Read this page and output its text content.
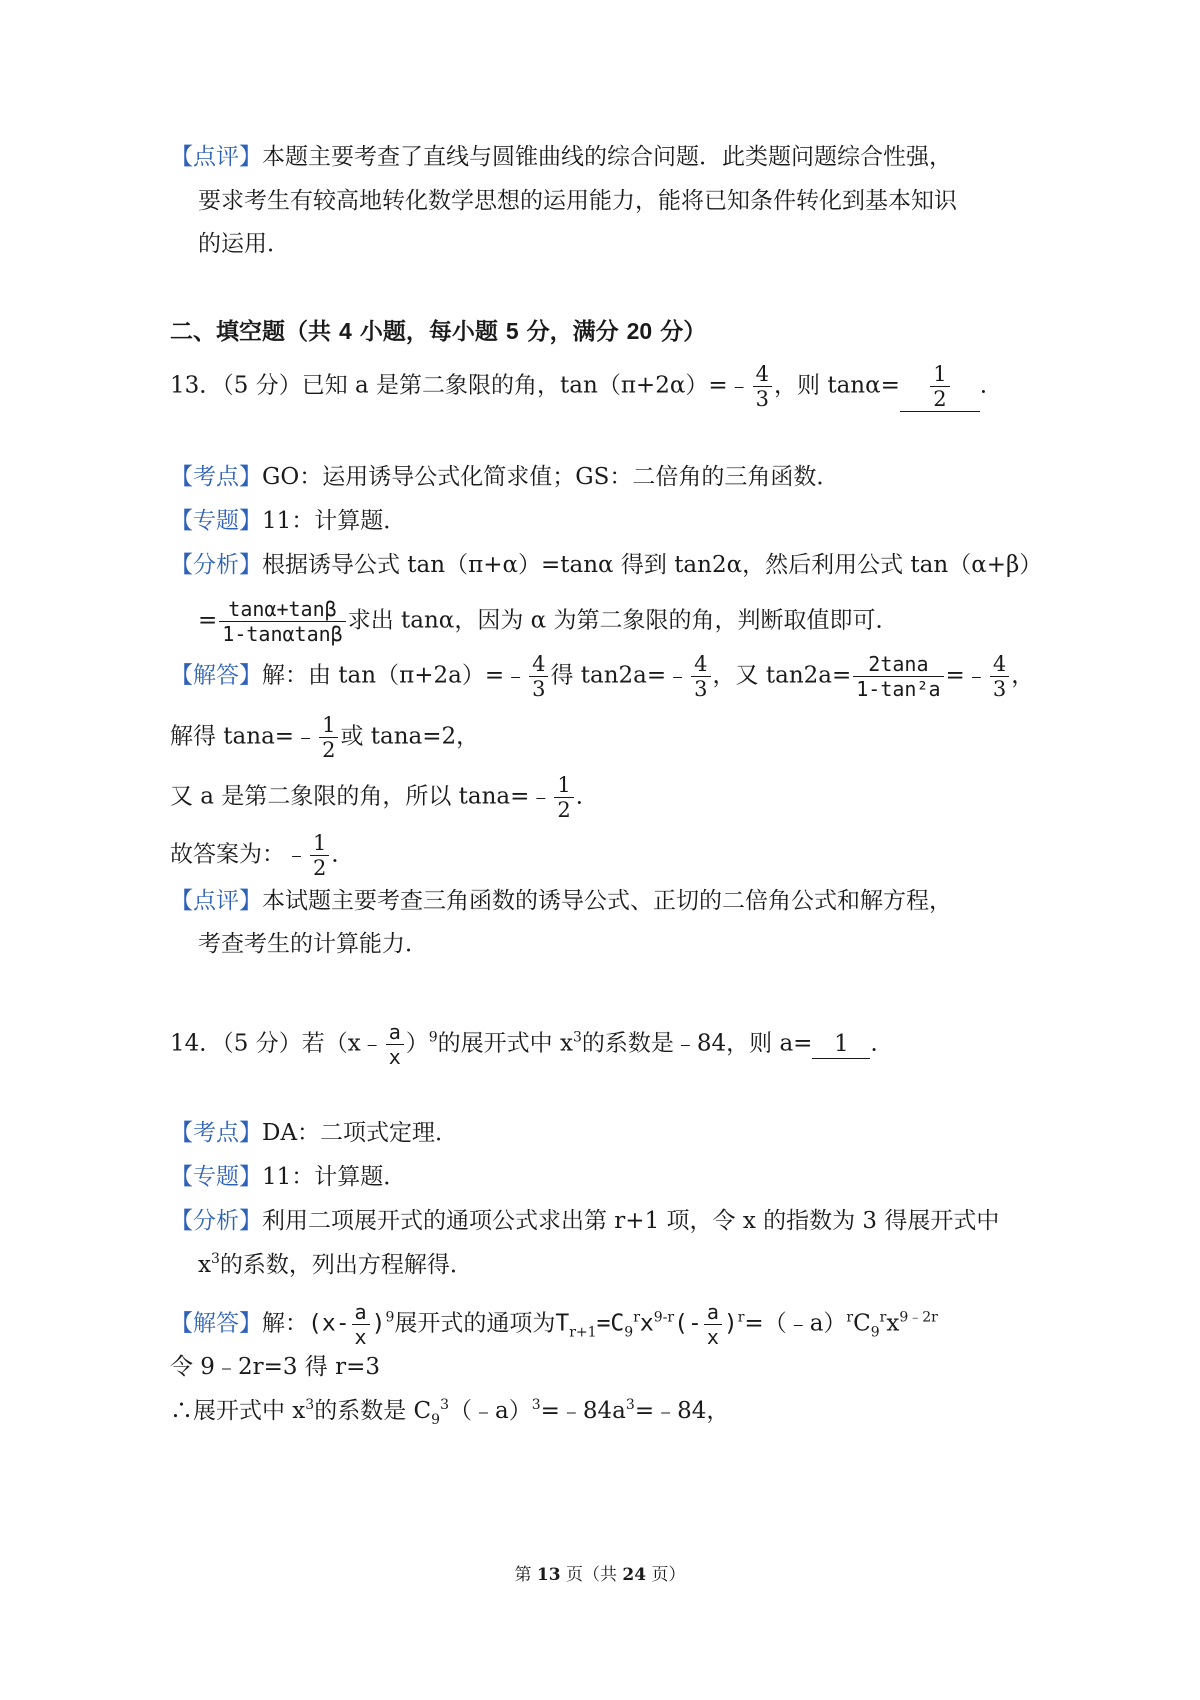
【点评】本题主要考查了直线与圆锥曲线的综合问题．此类题问题综合性强，
要求考生有较高地转化数学思想的运用能力，能将已知条件转化到基本知识
的运用．
二、填空题（共 4 小题，每小题 5 分，满分 20 分）
13．（5 分）已知 a 是第二象限的角，tan（π+2α）=﹣ $\frac{4}{3}$ ，则 $\tan\alpha= \frac{1}{2}$ ．
【考点】GO：运用诱导公式化简求值；GS：二倍角的三角函数．
【专题】11：计算题．
【分析】根据诱导公式 tan（π+α）=tanα 得到 tan2α，然后利用公式 tan（α+β）
= $\frac{\tan\alpha+\tan\beta}{1-\tan\alpha\tan\beta}$ 求出 tanα，因为 α 为第二象限的角，判断取值即可．
【解答】解：由 tan（π+2a）=﹣ $\frac{4}{3}$ 得 tan2a=﹣ $\frac{4}{3}$ ，又 $\tan 2a= \frac{2\tan a}{\text{1-tan²a}}$ =﹣ $\frac{4}{3}$ ，
解得 tana=﹣ $\frac{1}{2}$ 或 tana=2，
又 a 是第二象限的角，所以 tana=﹣ $\frac{1}{2}$ ．
故答案为：﹣ $\frac{1}{2}$ ．
【点评】本试题主要考查三角函数的诱导公式、正切的二倍角公式和解方程，
考查考生的计算能力．
14．（5 分）若（x﹣ $\frac{a}{x} )^9$的展开式中 $x^3$的系数是﹣84，则 a= 1 ．
【考点】DA：二项式定理．
【专题】11：计算题．
【分析】利用二项展开式的通项公式求出第 r+1 项，令 x 的指数为 3 得展开式中
$x^3$的系数，列出方程解得．
【解答】解：$(x- \frac{a}{x} )^9$展开式的通项为$T_{r+1}=C_9^rx^{9-r}(- \frac{a}{x}$ )$^r=(﹣a)^rC_9^rx^{9﹣2r}$
令 9﹣2r=3 得 r=3
∴展开式中 $x^3$的系数是 $C_9^3(﹣a)^3=﹣84a^3=﹣84$，
第 13 页（共 24 页）
